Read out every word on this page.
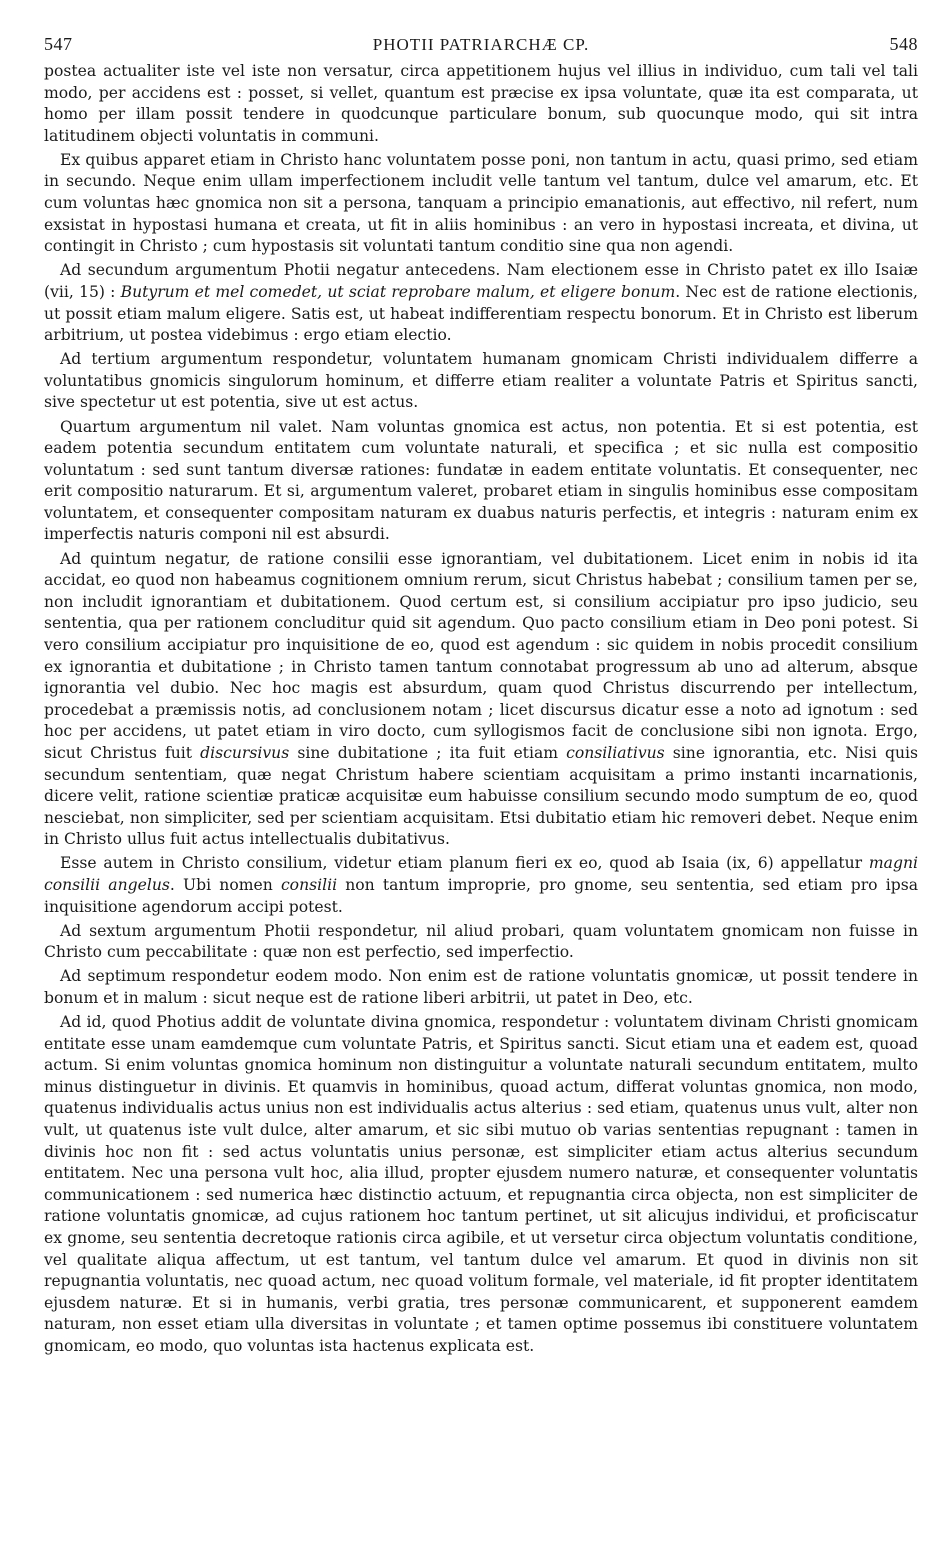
547	PHOTII PATRIARCHÆ CP.	548

postea actualiter iste vel iste non versatur, circa appetitionem hujus vel illius in individuo, cum tali vel tali modo, per accidens est : posset, si vellet, quantum est præcise ex ipsa voluntate, quæ ita est comparata, ut homo per illam possit tendere in quodcunque particulare bonum, sub quocunque modo, qui sit intra latitudinem objecti voluntatis in communi.

Ex quibus apparet etiam in Christo hanc voluntatem posse poni, non tantum in actu, quasi primo, sed etiam in secundo. Neque enim ullam imperfectionem includit velle tantum vel tantum, dulce vel amarum, etc. Et cum voluntas hæc gnomica non sit a persona, tanquam a principio emanationis, aut effectivo, nil refert, num exsistat in hypostasi humana et creata, ut fit in aliis hominibus : an vero in hypostasi increata, et divina, ut contingit in Christo ; cum hypostasis sit voluntati tantum conditio sine qua non agendi.

Ad secundum argumentum Photii negatur antecedens. Nam electionem esse in Christo patet ex illo Isaiæ (vii, 15) : Butyrum et mel comedet, ut sciat reprobare malum, et eligere bonum. Nec est de ratione electionis, ut possit etiam malum eligere. Satis est, ut habeat indifferentiam respectu bonorum. Et in Christo est liberum arbitrium, ut postea videbimus : ergo etiam electio.

Ad tertium argumentum respondetur, voluntatem humanam gnomicam Christi individualem differre a voluntatibus gnomicis singulorum hominum, et differre etiam realiter a voluntate Patris et Spiritus sancti, sive spectetur ut est potentia, sive ut est actus.

Quartum argumentum nil valet. Nam voluntas gnomica est actus, non potentia. Et si est potentia, est eadem potentia secundum entitatem cum voluntate naturali, et specifica ; et sic nulla est compositio voluntatum : sed sunt tantum diversæ rationes: fundatæ in eadem entitate voluntatis. Et consequenter, nec erit compositio naturarum. Et si, argumentum valeret, probaret etiam in singulis hominibus esse compositam voluntatem, et consequenter compositam naturam ex duabus naturis perfectis, et integris : naturam enim ex imperfectis naturis componi nil est absurdi.

Ad quintum negatur, de ratione consilii esse ignorantiam, vel dubitationem. Licet enim in nobis id ita accidat, eo quod non habeamus cognitionem omnium rerum, sicut Christus habebat ; consilium tamen per se, non includit ignorantiam et dubitationem. Quod certum est, si consilium accipiatur pro ipso judicio, seu sententia, qua per rationem concluditur quid sit agendum. Quo pacto consilium etiam in Deo poni potest. Si vero consilium accipiatur pro inquisitione de eo, quod est agendum : sic quidem in nobis procedit consilium ex ignorantia et dubitatione ; in Christo tamen tantum connotabat progressum ab uno ad alterum, absque ignorantia vel dubio. Nec hoc magis est absurdum, quam quod Christus discurrendo per intellectum, procedebat a præmissis notis, ad conclusionem notam ; licet discursus dicatur esse a noto ad ignotum : sed hoc per accidens, ut patet etiam in viro docto, cum syllogismos facit de conclusione sibi non ignota. Ergo, sicut Christus fuit discursivus sine dubitatione ; ita fuit etiam consiliativus sine ignorantia, etc. Nisi quis secundum sententiam, quæ negat Christum habere scientiam acquisitam a primo instanti incarnationis, dicere velit, ratione scientiæ praticæ acquisitæ eum habuisse consilium secundo modo sumptum de eo, quod nesciebat, non simpliciter, sed per scientiam acquisitam. Etsi dubitatio etiam hic removeri debet. Neque enim in Christo ullus fuit actus intellectualis dubitativus.

Esse autem in Christo consilium, videtur etiam planum fieri ex eo, quod ab Isaia (ix, 6) appellatur magni consilii angelus. Ubi nomen consilii non tantum improprie, pro gnome, seu sententia, sed etiam pro ipsa inquisitione agendorum accipi potest.

Ad sextum argumentum Photii respondetur, nil aliud probari, quam voluntatem gnomicam non fuisse in Christo cum peccabilitate : quæ non est perfectio, sed imperfectio.

Ad septimum respondetur eodem modo. Non enim est de ratione voluntatis gnomicæ, ut possit tendere in bonum et in malum : sicut neque est de ratione liberi arbitrii, ut patet in Deo, etc.

Ad id, quod Photius addit de voluntate divina gnomica, respondetur : voluntatem divinam Christi gnomicam entitate esse unam eamdemque cum voluntate Patris, et Spiritus sancti. Sicut etiam una et eadem est, quoad actum. Si enim voluntas gnomica hominum non distinguitur a voluntate naturali secundum entitatem, multo minus distinguetur in divinis. Et quamvis in hominibus, quoad actum, differat voluntas gnomica, non modo, quatenus individualis actus unius non est individualis actus alterius : sed etiam, quatenus unus vult, alter non vult, ut quatenus iste vult dulce, alter amarum, et sic sibi mutuo ob varias sententias repugnant : tamen in divinis hoc non fit : sed actus voluntatis unius personæ, est simpliciter etiam actus alterius secundum entitatem. Nec una persona vult hoc, alia illud, propter ejusdem numero naturæ, et consequenter voluntatis communicationem : sed numerica hæc distinctio actuum, et repugnantia circa objecta, non est simpliciter de ratione voluntatis gnomicæ, ad cujus rationem hoc tantum pertinet, ut sit alicujus individui, et proficiscatur ex gnome, seu sententia decretoque rationis circa agibile, et ut versetur circa objectum voluntatis conditione, vel qualitate aliqua affectum, ut est tantum, vel tantum dulce vel amarum. Et quod in divinis non sit repugnantia voluntatis, nec quoad actum, nec quoad volitum formale, vel materiale, id fit propter identitatem ejusdem naturæ. Et si in humanis, verbi gratia, tres personæ communicarent, et supponerent eamdem naturam, non esset etiam ulla diversitas in voluntate ; et tamen optime possemus ibi constituere voluntatem gnomicam, eo modo, quo voluntas ista hactenus explicata est.
